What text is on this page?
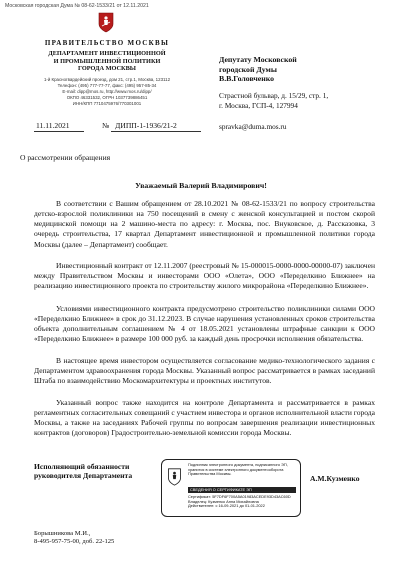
Московская городская Дума № 08-62-1533/21 от 12.11.2021
ПРАВИТЕЛЬСТВО МОСКВЫ
ДЕПАРТАМЕНТ ИНВЕСТИЦИОННОЙ
И ПРОМЫШЛЕННОЙ ПОЛИТИКИ
ГОРОДА МОСКВЫ
1-й Красногвардейский проезд, дом 21, стр.1, Москва, 123112
Телефон: (495) 777-77-77, факс: (495) 957-85-34
E-mail: dipp@mos.ru, http://www.mos.ru/dipp/
ОКПО 46331532, ОГРН 1037739886451
ИНН/КПП 7710475976/770301001
Депутату Московской
городской Думы
В.В.Головченко
Страстной бульвар, д. 15/29, стр. 1,
г. Москва, ГСП-4, 127994
spravka@duma.mos.ru
11.11.2021	№ ДИПП-1-1936/21-2
О рассмотрении обращения
Уважаемый Валерий Владимирович!
В соответствии с Вашим обращением от 28.10.2021 № 08-62-1533/21 по вопросу строительства детско-взрослой поликлиники на 750 посещений в смену с женской консультацией и постом скорой медицинской помощи на 2 машино-места по адресу: г. Москва, пос. Внуковское, д. Рассказовка, 3 очередь строительства, 17 квартал Департамент инвестиционной и промышленной политики города Москвы (далее – Департамент) сообщает.
Инвестиционный контракт от 12.11.2007 (реестровый № 15-000015-0000-0000-00000-07) заключен между Правительством Москвы и инвесторами ООО «Олета», ООО «Переделкино Ближнее» на реализацию инвестиционного проекта по строительству жилого микрорайона «Переделкино Ближнее».
Условиями инвестиционного контракта предусмотрено строительство поликлиники силами ООО «Переделкино Ближнее» в срок до 31.12.2023. В случае нарушения установленных сроков строительства объекта дополнительным соглашением № 4 от 18.05.2021 установлены штрафные санкции к ООО «Переделкино Ближнее» в размере 100 000 руб. за каждый день просрочки исполнения обязательства.
В настоящее время инвестором осуществляется согласование медико-технологического задания с Департаментом здравоохранения города Москвы. Указанный вопрос рассматривается в рамках заседаний Штаба по взаимодействию Москомархитектуры и проектных институтов.
Указанный вопрос также находится на контроле Департамента и рассматривается в рамках регламентных согласительных совещаний с участием инвестора и органов исполнительной власти города Москвы, а также на заседаниях Рабочей группы по вопросам завершения реализации инвестиционных контрактов (договоров) Градостроительно-земельной комиссии города Москвы.
Исполняющий обязанности
руководителя Департамента
Подлинник электронного документа, подписанного ЭП,
хранится в системе электронного документооборота
Правительства Москвы.
СВЕДЕНИЯ О СЕРТИФИКАТЕ ЭП
Сертификат: 5F7DF6F700A5A01983ACEDE93D43AC60D
Владелец: Кузменко Анна Михайловна
Действителен: с 16-09-2021 до 01-01-2022
А.М.Кузменко
Борышникова М.И.,
8-495-957-75-00, доб. 22-125
